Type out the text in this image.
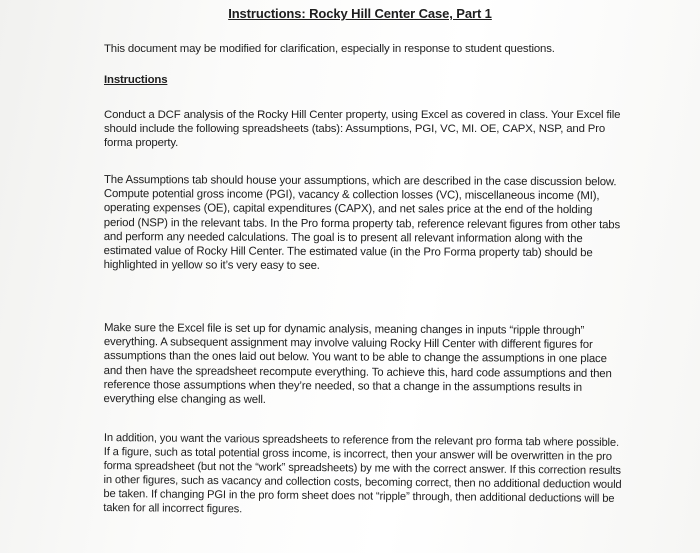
Instructions: Rocky Hill Center Case, Part 1

This document may be modified for clarification, especially in response to student questions.

Instructions

Conduct a DCF analysis of the Rocky Hill Center property, using Excel as covered in class. Your Excel file should include the following spreadsheets (tabs): Assumptions, PGI, VC, MI. OE, CAPX, NSP, and Pro forma property.

The Assumptions tab should house your assumptions, which are described in the case discussion below. Compute potential gross income (PGI), vacancy & collection losses (VC), miscellaneous income (MI), operating expenses (OE), capital expenditures (CAPX), and net sales price at the end of the holding period (NSP) in the relevant tabs. In the Pro forma property tab, reference relevant figures from other tabs and perform any needed calculations. The goal is to present all relevant information along with the estimated value of Rocky Hill Center. The estimated value (in the Pro Forma property tab) should be highlighted in yellow so it’s very easy to see.

Make sure the Excel file is set up for dynamic analysis, meaning changes in inputs “ripple through” everything. A subsequent assignment may involve valuing Rocky Hill Center with different figures for assumptions than the ones laid out below. You want to be able to change the assumptions in one place and then have the spreadsheet recompute everything. To achieve this, hard code assumptions and then reference those assumptions when they’re needed, so that a change in the assumptions results in everything else changing as well.

In addition, you want the various spreadsheets to reference from the relevant pro forma tab where possible. If a figure, such as total potential gross income, is incorrect, then your answer will be overwritten in the pro forma spreadsheet (but not the “work” spreadsheets) by me with the correct answer. If this correction results in other figures, such as vacancy and collection costs, becoming correct, then no additional deduction would be taken. If changing PGI in the pro form sheet does not “ripple” through, then additional deductions will be taken for all incorrect figures.
